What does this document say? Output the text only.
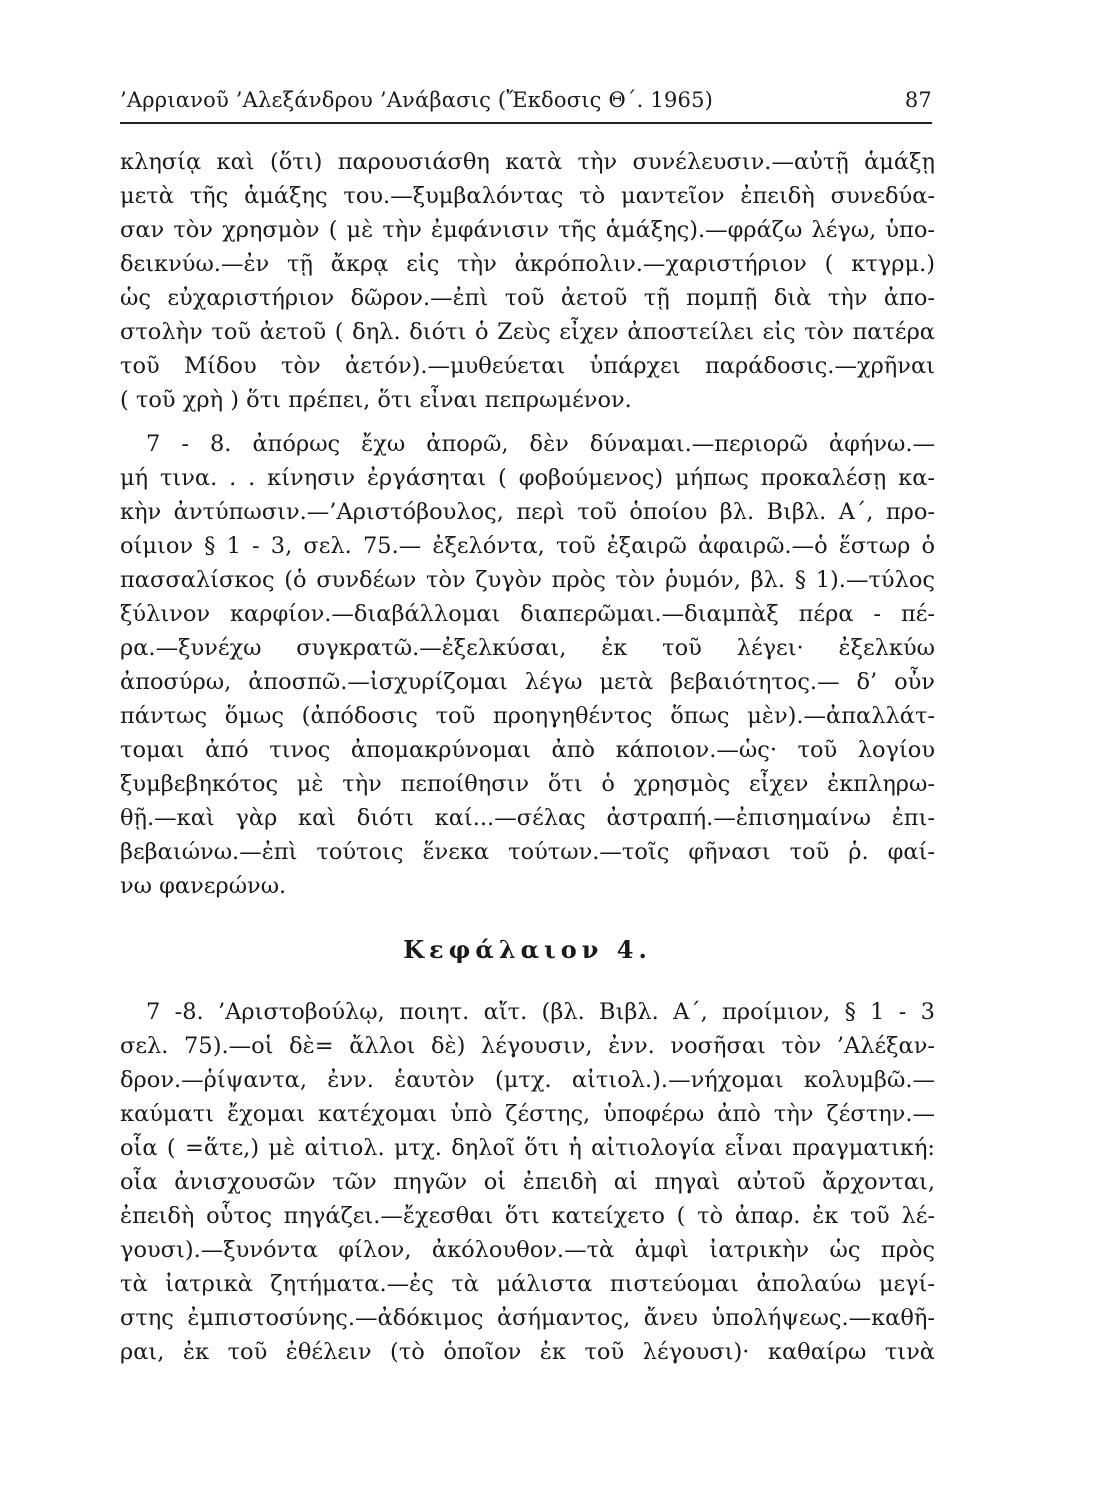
’Αρριανοῦ ’Αλεξάνδρου ’Ανάβασις (Ἔκδοσις Θ΄. 1965)	87
κλησίᾳ καὶ (ὅτι) παρουσιάσθη κατὰ τὴν συνέλευσιν.—αὐτῇ ἁμάξῃ
μετὰ τῆς ἁμάξης του.—ξυμβαλόντας τὸ μαντεῖον ἐπειδὴ συνεδύα-
σαν τὸν χρησμὸν ( μὲ τὴν ἐμφάνισιν τῆς ἁμάξης).—φράζω λέγω, ὑπο-
δεικνύω.—ἐν τῇ ἄκρᾳ εἰς τὴν ἀκρόπολιν.—χαριστήριον ( κτγρμ.)
ὡς εὐχαριστήριον δῶρον.—ἐπὶ τοῦ ἀετοῦ τῇ πομπῇ διὰ τὴν ἀπο-
στολὴν τοῦ ἀετοῦ ( δηλ. διότι ὁ Ζεὺς εἶχεν ἀποστείλει εἰς τὸν πατέρα
τοῦ Μίδου τὸν ἀετόν).—μυθεύεται ὑπάρχει παράδοσις.—χρῆναι
( τοῦ χρὴ ) ὅτι πρέπει, ὅτι εἶναι πεπρωμένον.
7 - 8. ἀπόρως ἔχω ἀπορῶ, δὲν δύναμαι.—περιορῶ ἀφήνω.—
μή τινα. . . κίνησιν ἐργάσηται ( φοβούμενος) μήπως προκαλέσῃ κα-
κὴν ἀντύπωσιν.—’Αριστόβουλος, περὶ τοῦ ὁποίου βλ. Βιβλ. Α΄, προ-
οίμιον § 1 - 3, σελ. 75.— ἐξελόντα, τοῦ ἐξαιρῶ ἀφαιρῶ.—ὁ ἕστωρ ὁ
πασσαλίσκος (ὁ συνδέων τὸν ζυγὸν πρὸς τὸν ῥυμόν, βλ. § 1).—τύλος
ξύλινον καρφίον.—διαβάλλομαι διαπερῶμαι.—διαμπὰξ πέρα - πέ-
ρα.—ξυνέχω συγκρατῶ.—ἐξελκύσαι, ἐκ τοῦ λέγει· ἐξελκύω
ἀποσύρω, ἀποσπῶ.—ἰσχυρίζομαι λέγω μετὰ βεβαιότητος.— δ’ οὖν
πάντως ὅμως (ἀπόδοσις τοῦ προηγηθέντος ὅπως μὲν).—ἀπαλλάτ-
τομαι ἀπό τινος ἀπομακρύνομαι ἀπὸ κάποιον.—ὡς· τοῦ λογίου
ξυμβεβηκότος μὲ τὴν πεποίθησιν ὅτι ὁ χρησμὸς εἶχεν ἐκπληρω-
θῇ.—καὶ γὰρ καὶ διότι καί...—σέλας ἀστραπή.—ἐπισημαίνω ἐπι-
βεβαιώνω.—ἐπὶ τούτοις ἕνεκα τούτων.—τοῖς φῆνασι τοῦ ῥ. φαί-
νω φανερώνω.
Κεφάλαιον 4.
7 -8. ’Αριστοβούλῳ, ποιητ. αἴτ. (βλ. Βιβλ. Α΄, προίμιον, § 1 - 3
σελ. 75).—οἱ δὲ= ἄλλοι δὲ) λέγουσιν, ἐνν. νοσῆσαι τὸν ’Αλέξαν-
δρον.—ῥίψαντα, ἐνν. ἑαυτὸν (μτχ. αἰτιολ.).—νήχομαι κολυμβῶ.—
καύματι ἔχομαι κατέχομαι ὑπὸ ζέστης, ὑποφέρω ἀπὸ τὴν ζέστην.—
οἷα ( =ἅτε,) μὲ αἰτιολ. μτχ. δηλοῖ ὅτι ἡ αἰτιολογία εἶναι πραγματική:
οἷα ἀνισχουσῶν τῶν πηγῶν οἱ ἐπειδὴ αἱ πηγαὶ αὐτοῦ ἄρχονται,
ἐπειδὴ οὗτος πηγάζει.—ἔχεσθαι ὅτι κατείχετο ( τὸ ἀπαρ. ἐκ τοῦ λέ-
γουσι).—ξυνόντα φίλον, ἀκόλουθον.—τὰ ἀμφὶ ἰατρικὴν ὡς πρὸς
τὰ ἰατρικὰ ζητήματα.—ἐς τὰ μάλιστα πιστεύομαι ἀπολαύω μεγί-
στης ἐμπιστοσύνης.—ἀδόκιμος ἀσήμαντος, ἄνευ ὑπολήψεως.—καθῆ-
ραι, ἐκ τοῦ ἐθέλειν (τὸ ὁποῖον ἐκ τοῦ λέγουσι)· καθαίρω τινὰ
